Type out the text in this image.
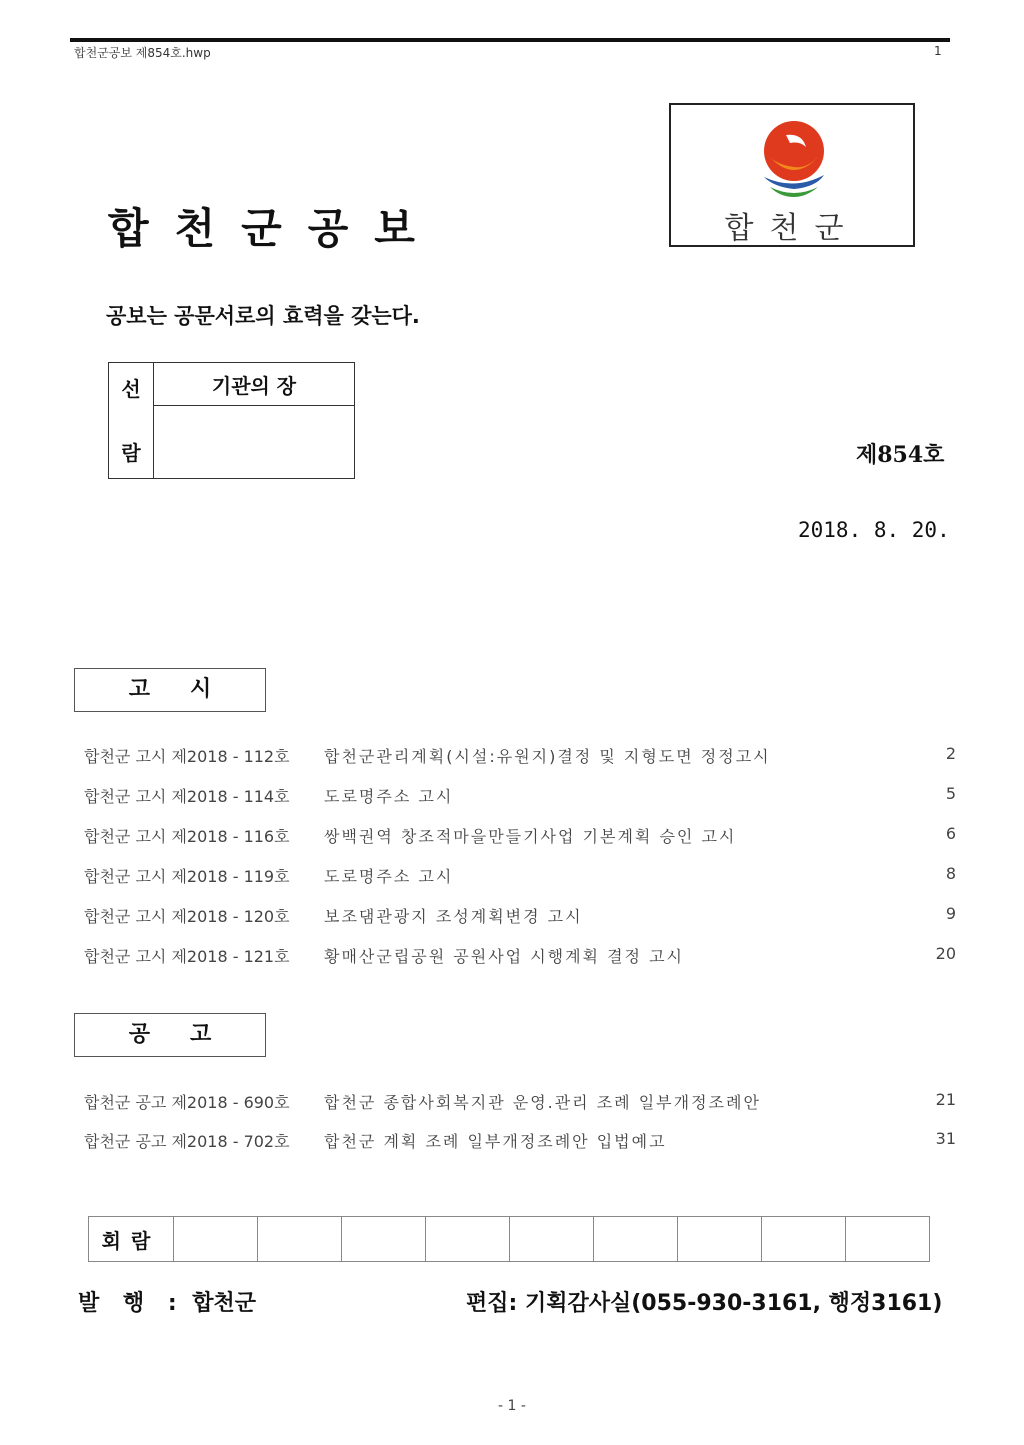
합천군공보 제854호.hwp	1
합천군공보	합천군
공보는 공문서로의 효력을 갖는다.
선
람
	기관의 장

제854호
2018. 8. 20.
고시
합천군 고시 제2018 - 112호	합천군관리계획(시설:유원지)결정 및 지형도면 정정고시	2
합천군 고시 제2018 - 114호	도로명주소 고시	5
합천군 고시 제2018 - 116호	쌍백권역 창조적마을만들기사업 기본계획 승인 고시	6
합천군 고시 제2018 - 119호	도로명주소 고시	8
합천군 고시 제2018 - 120호	보조댐관광지 조성계획변경 고시	9
합천군 고시 제2018 - 121호	황매산군립공원 공원사업 시행계획 결정 고시	20
공고
합천군 공고 제2018 - 690호	합천군 종합사회복지관 운영.관리 조례 일부개정조례안	21
합천군 공고 제2018 - 702호	합천군 계획 조례 일부개정조례안 입법예고	31
회람									
발 행 : 합천군	편집: 기획감사실(055-930-3161, 행정3161)
- 1 -
